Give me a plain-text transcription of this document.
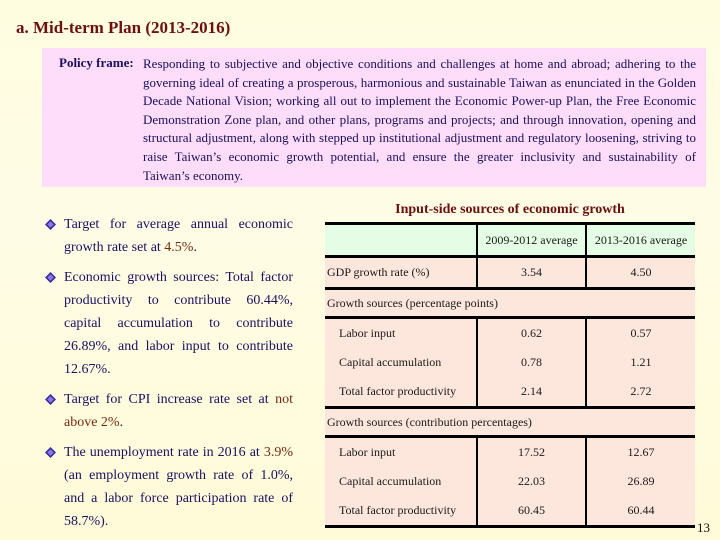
a. Mid-term Plan (2013-2016)
Policy frame: Responding to subjective and objective conditions and challenges at home and abroad; adhering to the governing ideal of creating a prosperous, harmonious and sustainable Taiwan as enunciated in the Golden Decade National Vision; working all out to implement the Economic Power-up Plan, the Free Economic Demonstration Zone plan, and other plans, programs and projects; and through innovation, opening and structural adjustment, along with stepped up institutional adjustment and regulatory loosening, striving to raise Taiwan’s economic growth potential, and ensure the greater inclusivity and sustainability of Taiwan’s economy.
Target for average annual economic growth rate set at 4.5%.
Economic growth sources: Total factor productivity to contribute 60.44%, capital accumulation to contribute 26.89%, and labor input to contribute 12.67%.
Target for CPI increase rate set at not above 2%.
The unemployment rate in 2016 at 3.9% (an employment growth rate of 1.0%, and a labor force participation rate of 58.7%).
Input-side sources of economic growth
	2009-2012 average	2013-2016 average
GDP growth rate (%)	3.54	4.50
Growth sources (percentage points)		
Labor input	0.62	0.57
Capital accumulation	0.78	1.21
Total factor productivity	2.14	2.72
Growth sources (contribution percentages)		
Labor input	17.52	12.67
Capital accumulation	22.03	26.89
Total factor productivity	60.45	60.44
13
